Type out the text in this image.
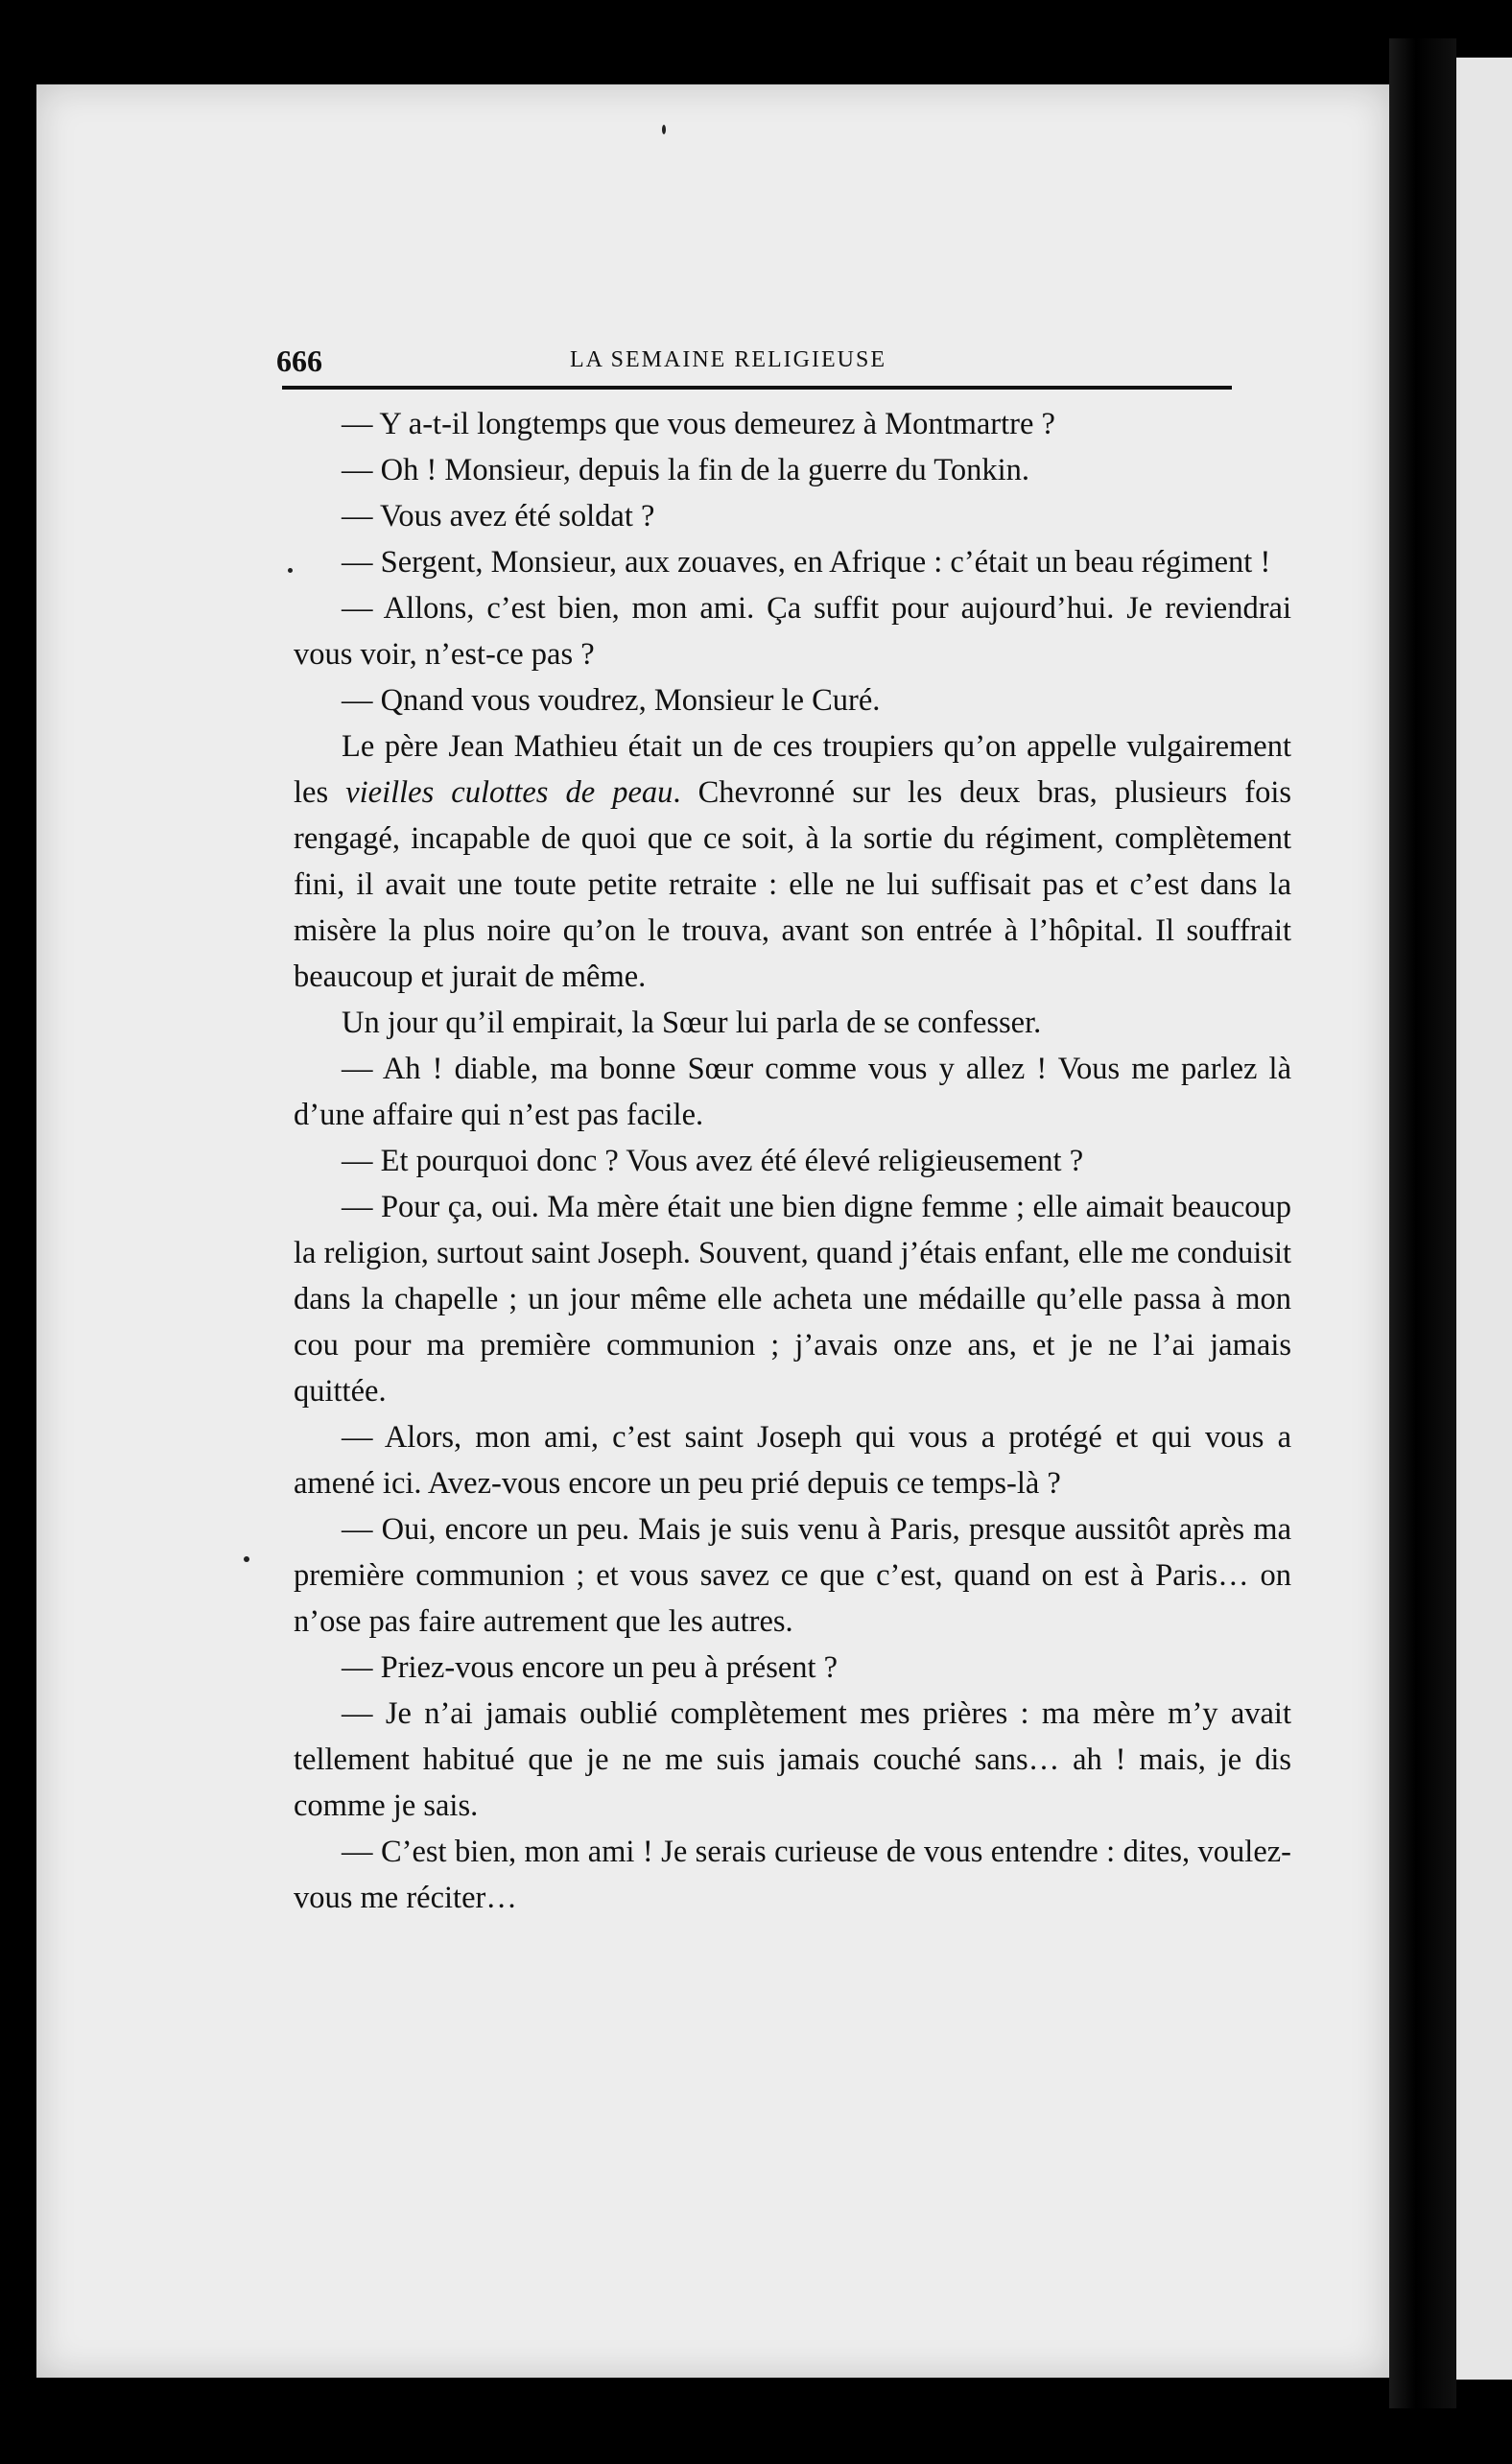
666	LA SEMAINE RELIGIEUSE

— Y a-t-il longtemps que vous demeurez à Montmartre ?

— Oh ! Monsieur, depuis la fin de la guerre du Tonkin.

— Vous avez été soldat ?

— Sergent, Monsieur, aux zouaves, en Afrique : c’était un beau régiment !

— Allons, c’est bien, mon ami. Ça suffit pour aujourd’hui. Je reviendrai vous voir, n’est-ce pas ?

— Qnand vous voudrez, Monsieur le Curé.

Le père Jean Mathieu était un de ces troupiers qu’on appelle vulgairement les vieilles culottes de peau. Chevronné sur les deux bras, plusieurs fois rengagé, incapable de quoi que ce soit, à la sortie du régiment, complètement fini, il avait une toute petite retraite : elle ne lui suffisait pas et c’est dans la misère la plus noire qu’on le trouva, avant son entrée à l’hôpital. Il souffrait beaucoup et jurait de même.

Un jour qu’il empirait, la Sœur lui parla de se confesser.

— Ah ! diable, ma bonne Sœur comme vous y allez ! Vous me parlez là d’une affaire qui n’est pas facile.

— Et pourquoi donc ? Vous avez été élevé religieusement ?

— Pour ça, oui. Ma mère était une bien digne femme ; elle aimait beaucoup la religion, surtout saint Joseph. Souvent, quand j’étais enfant, elle me conduisit dans la chapelle ; un jour même elle acheta une médaille qu’elle passa à mon cou pour ma première communion ; j’avais onze ans, et je ne l’ai jamais quittée.

— Alors, mon ami, c’est saint Joseph qui vous a protégé et qui vous a amené ici. Avez-vous encore un peu prié depuis ce temps-là ?

— Oui, encore un peu. Mais je suis venu à Paris, presque aussitôt après ma première communion ; et vous savez ce que c’est, quand on est à Paris… on n’ose pas faire autrement que les autres.

— Priez-vous encore un peu à présent ?

— Je n’ai jamais oublié complètement mes prières : ma mère m’y avait tellement habitué que je ne me suis jamais couché sans… ah ! mais, je dis comme je sais.

— C’est bien, mon ami ! Je serais curieuse de vous entendre : dites, voulez-vous me réciter…
